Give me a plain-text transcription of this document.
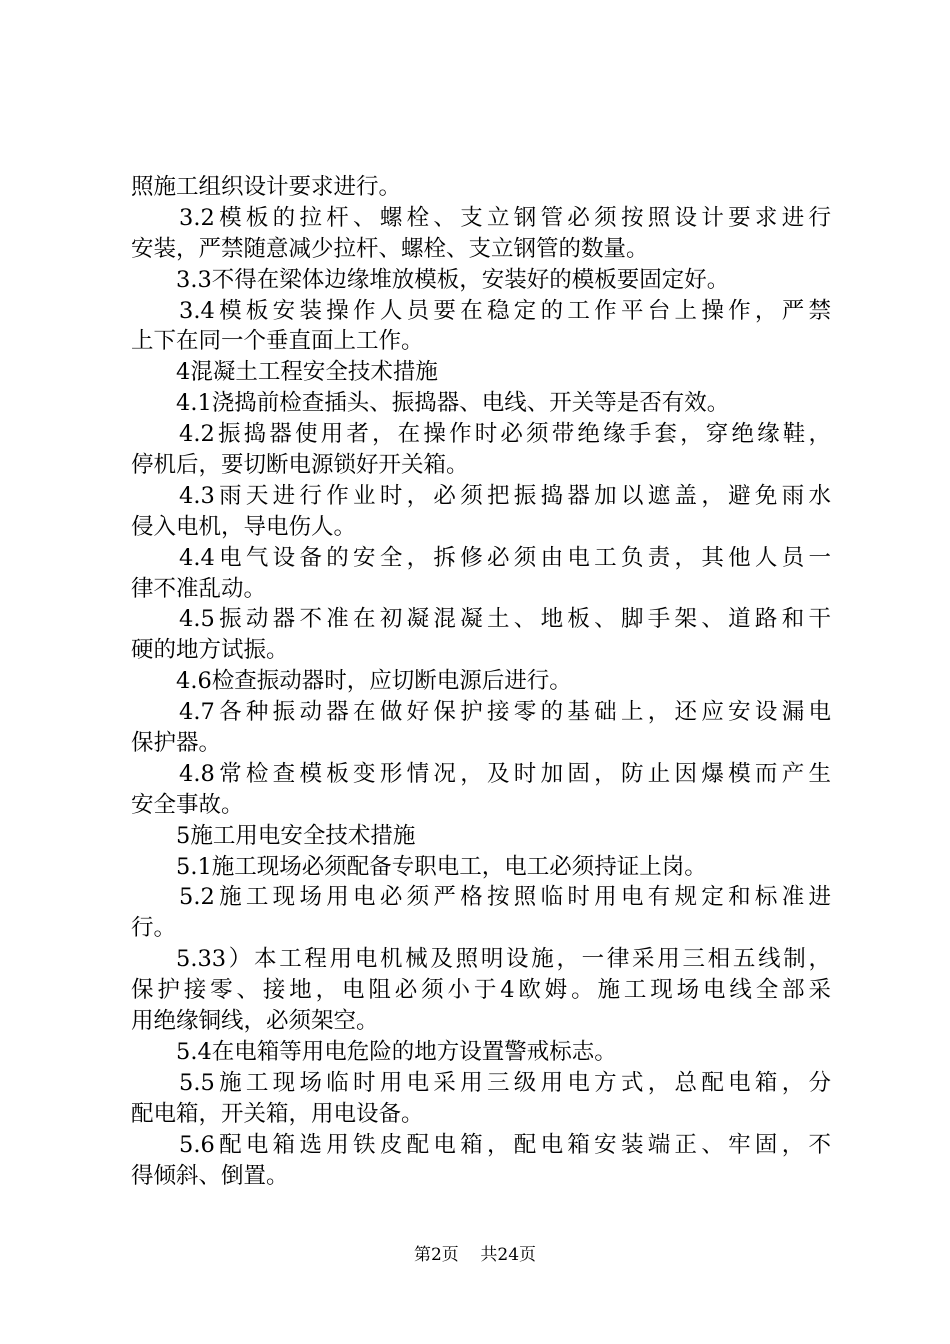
照施工组织设计要求进行。
3.2模板的拉杆、螺栓、支立钢管必须按照设计要求进行
安装，严禁随意减少拉杆、螺栓、支立钢管的数量。
3.3不得在梁体边缘堆放模板，安装好的模板要固定好。
3.4模板安装操作人员要在稳定的工作平台上操作，严禁
上下在同一个垂直面上工作。
4混凝土工程安全技术措施
4.1浇捣前检查插头、振捣器、电线、开关等是否有效。
4.2振捣器使用者，在操作时必须带绝缘手套，穿绝缘鞋，
停机后，要切断电源锁好开关箱。
4.3雨天进行作业时，必须把振捣器加以遮盖，避免雨水
侵入电机，导电伤人。
4.4电气设备的安全，拆修必须由电工负责，其他人员一
律不准乱动。
4.5振动器不准在初凝混凝土、地板、脚手架、道路和干
硬的地方试振。
4.6检查振动器时，应切断电源后进行。
4.7各种振动器在做好保护接零的基础上，还应安设漏电
保护器。
4.8常检查模板变形情况，及时加固，防止因爆模而产生
安全事故。
5施工用电安全技术措施
5.1施工现场必须配备专职电工，电工必须持证上岗。
5.2施工现场用电必须严格按照临时用电有规定和标准进
行。
5.33）本工程用电机械及照明设施，一律采用三相五线制，
保护接零、接地，电阻必须小于4欧姆。施工现场电线全部采
用绝缘铜线，必须架空。
5.4在电箱等用电危险的地方设置警戒标志。
5.5施工现场临时用电采用三级用电方式，总配电箱，分
配电箱，开关箱，用电设备。
5.6配电箱选用铁皮配电箱，配电箱安装端正、牢固，不
得倾斜、倒置。
第2页 共24页
